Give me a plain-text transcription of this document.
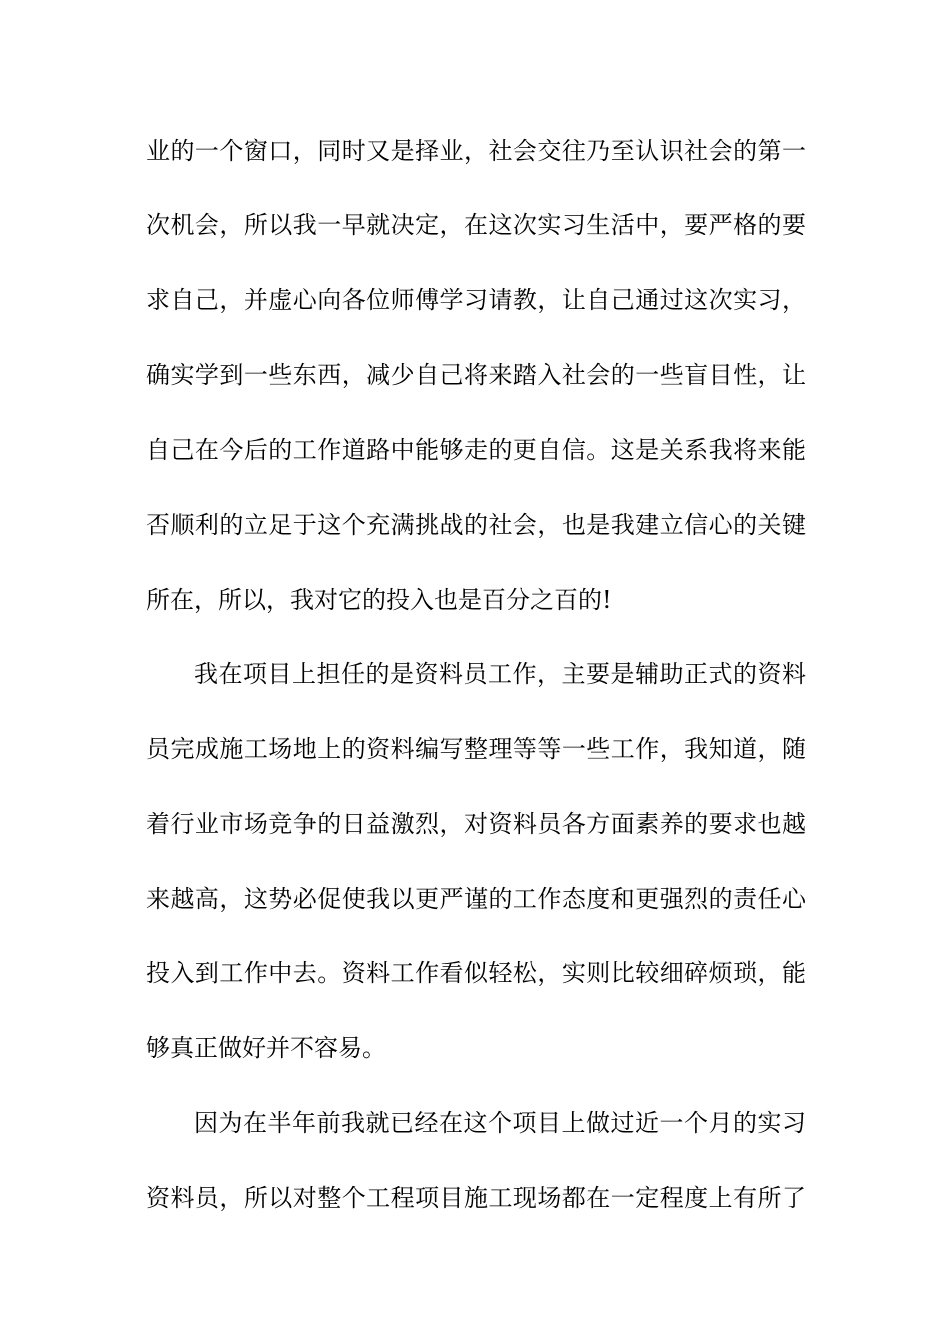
业的一个窗口，同时又是择业，社会交往乃至认识社会的第一
次机会，所以我一早就决定，在这次实习生活中，要严格的要
求自己，并虚心向各位师傅学习请教，让自己通过这次实习，
确实学到一些东西，减少自己将来踏入社会的一些盲目性，让
自己在今后的工作道路中能够走的更自信。这是关系我将来能
否顺利的立足于这个充满挑战的社会，也是我建立信心的关键
所在，所以，我对它的投入也是百分之百的!
我在项目上担任的是资料员工作，主要是辅助正式的资料
员完成施工场地上的资料编写整理等等一些工作，我知道，随
着行业市场竞争的日益激烈，对资料员各方面素养的要求也越
来越高，这势必促使我以更严谨的工作态度和更强烈的责任心
投入到工作中去。资料工作看似轻松，实则比较细碎烦琐，能
够真正做好并不容易。
因为在半年前我就已经在这个项目上做过近一个月的实习
资料员，所以对整个工程项目施工现场都在一定程度上有所了
